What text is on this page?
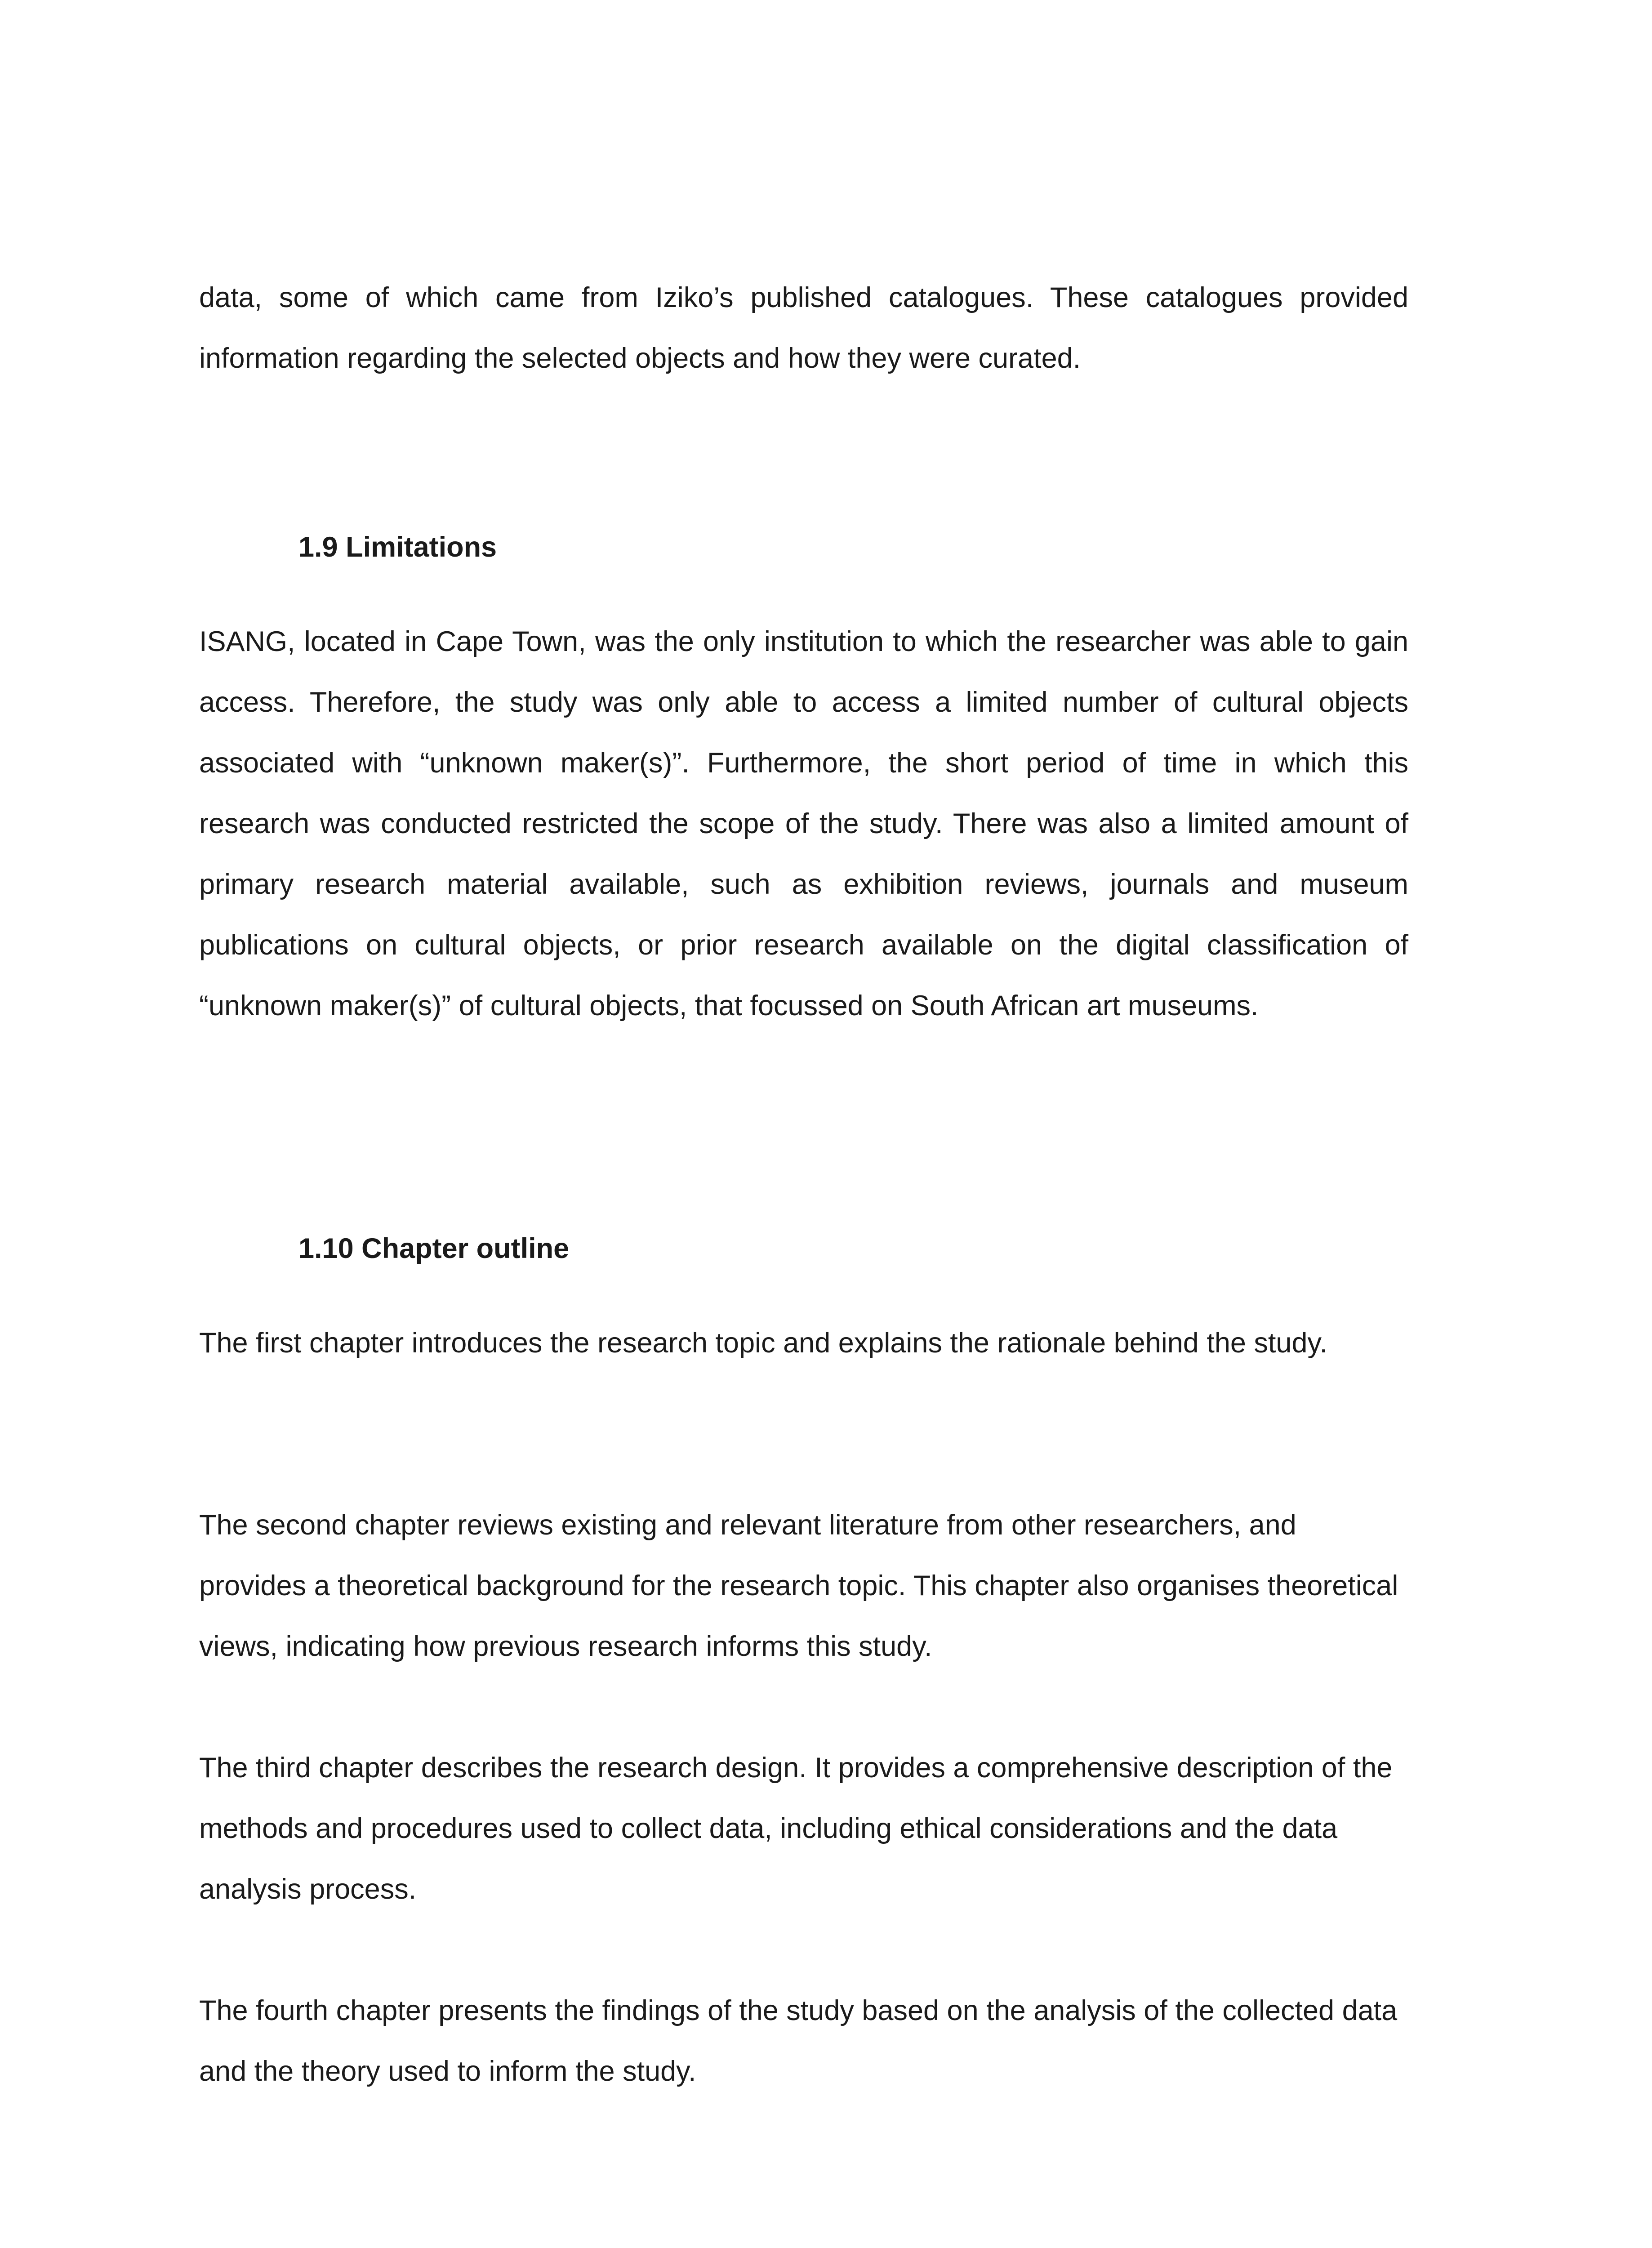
data, some of which came from Iziko’s published catalogues. These catalogues provided information regarding the selected objects and how they were curated.

1.9 Limitations

ISANG, located in Cape Town, was the only institution to which the researcher was able to gain access. Therefore, the study was only able to access a limited number of cultural objects associated with “unknown maker(s)”. Furthermore, the short period of time in which this research was conducted restricted the scope of the study. There was also a limited amount of primary research material available, such as exhibition reviews, journals and museum publications on cultural objects, or prior research available on the digital classification of “unknown maker(s)” of cultural objects, that focussed on South African art museums.

1.10 Chapter outline

The first chapter introduces the research topic and explains the rationale behind the study.

The second chapter reviews existing and relevant literature from other researchers, and provides a theoretical background for the research topic. This chapter also organises theoretical views, indicating how previous research informs this study.

The third chapter describes the research design. It provides a comprehensive description of the methods and procedures used to collect data, including ethical considerations and the data analysis process.

The fourth chapter presents the findings of the study based on the analysis of the collected data and the theory used to inform the study.
